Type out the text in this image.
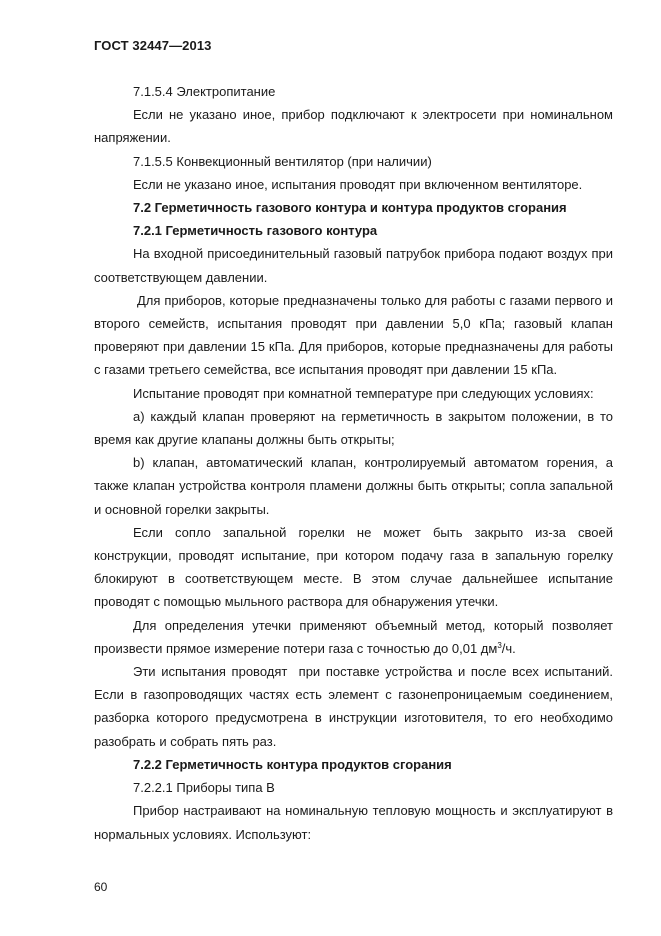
ГОСТ 32447—2013

7.1.5.4 Электропитание

Если не указано иное, прибор подключают к электросети при номинальном напряжении.

7.1.5.5 Конвекционный вентилятор (при наличии)

Если не указано иное, испытания проводят при включенном вентиляторе.

7.2 Герметичность газового контура и контура продуктов сгорания

7.2.1 Герметичность газового контура

На входной присоединительный газовый патрубок прибора подают воздух при соответствующем давлении.

Для приборов, которые предназначены только для работы с газами первого и второго семейств, испытания проводят при давлении 5,0 кПа; газовый клапан проверяют при давлении 15 кПа. Для приборов, которые предназначены для работы с газами третьего семейства, все испытания проводят при давлении 15 кПа.

Испытание проводят при комнатной температуре при следующих условиях:

а) каждый клапан проверяют на герметичность в закрытом положении, в то время как другие клапаны должны быть открыты;

b) клапан, автоматический клапан, контролируемый автоматом горения, а также клапан устройства контроля пламени должны быть открыты; сопла запальной и основной горелки закрыты.

Если сопло запальной горелки не может быть закрыто из-за своей конструкции, проводят испытание, при котором подачу газа в запальную горелку блокируют в соответствующем месте. В этом случае дальнейшее испытание проводят с помощью мыльного раствора для обнаружения утечки.

Для определения утечки применяют объемный метод, который позволяет произвести прямое измерение потери газа с точностью до 0,01 $дм^3/ч$.

Эти испытания проводят  при поставке устройства и после всех испытаний. Если в газопроводящих частях есть элемент с газонепроницаемым соединением, разборка которого предусмотрена в инструкции изготовителя, то его необходимо разобрать и собрать пять раз.

7.2.2 Герметичность контура продуктов сгорания

7.2.2.1 Приборы типа В

Прибор настраивают на номинальную тепловую мощность и эксплуатируют в нормальных условиях. Используют:

60
